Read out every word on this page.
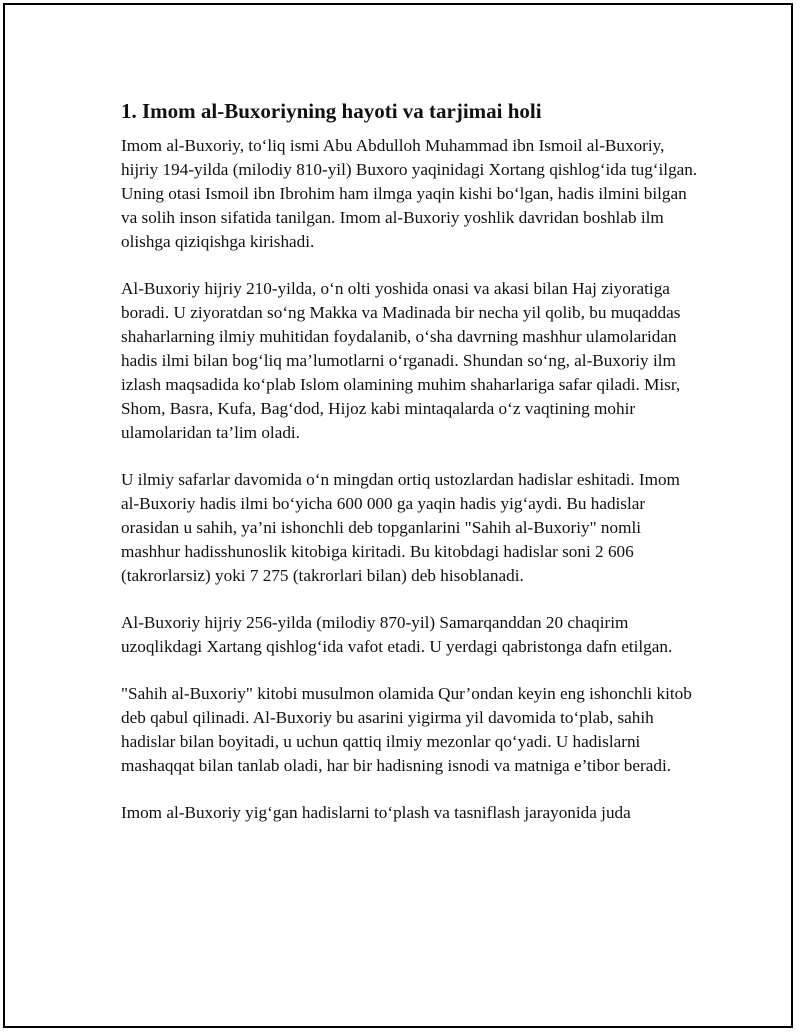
1. Imom al-Buxoriyning hayoti va tarjimai holi

Imom al-Buxoriy, to‘liq ismi Abu Abdulloh Muhammad ibn Ismoil al-Buxoriy, hijriy 194-yilda (milodiy 810-yil) Buxoro yaqinidagi Xortang qishlog‘ida tug‘ilgan. Uning otasi Ismoil ibn Ibrohim ham ilmga yaqin kishi bo‘lgan, hadis ilmini bilgan va solih inson sifatida tanilgan. Imom al-Buxoriy yoshlik davridan boshlab ilm olishga qiziqishga kirishadi.

Al-Buxoriy hijriy 210-yilda, o‘n olti yoshida onasi va akasi bilan Haj ziyoratiga boradi. U ziyoratdan so‘ng Makka va Madinada bir necha yil qolib, bu muqaddas shaharlarning ilmiy muhitidan foydalanib, o‘sha davrning mashhur ulamolaridan hadis ilmi bilan bog‘liq ma’lumotlarni o‘rganadi. Shundan so‘ng, al-Buxoriy ilm izlash maqsadida ko‘plab Islom olamining muhim shaharlariga safar qiladi. Misr, Shom, Basra, Kufa, Bag‘dod, Hijoz kabi mintaqalarda o‘z vaqtining mohir ulamolaridan ta’lim oladi.

U ilmiy safarlar davomida o‘n mingdan ortiq ustozlardan hadislar eshitadi. Imom al-Buxoriy hadis ilmi bo‘yicha 600 000 ga yaqin hadis yig‘aydi. Bu hadislar orasidan u sahih, ya’ni ishonchli deb topganlarini "Sahih al-Buxoriy" nomli mashhur hadisshunoslik kitobiga kiritadi. Bu kitobdagi hadislar soni 2 606 (takrorlarsiz) yoki 7 275 (takrorlari bilan) deb hisoblanadi.

Al-Buxoriy hijriy 256-yilda (milodiy 870-yil) Samarqanddan 20 chaqirim uzoqlikdagi Xartang qishlog‘ida vafot etadi. U yerdagi qabristonga dafn etilgan.

"Sahih al-Buxoriy" kitobi musulmon olamida Qur’ondan keyin eng ishonchli kitob deb qabul qilinadi. Al-Buxoriy bu asarini yigirma yil davomida to‘plab, sahih hadislar bilan boyitadi, u uchun qattiq ilmiy mezonlar qo‘yadi. U hadislarni mashaqqat bilan tanlab oladi, har bir hadisning isnodi va matniga e’tibor beradi.

Imom al-Buxoriy yig‘gan hadislarni to‘plash va tasniflash jarayonida juda
